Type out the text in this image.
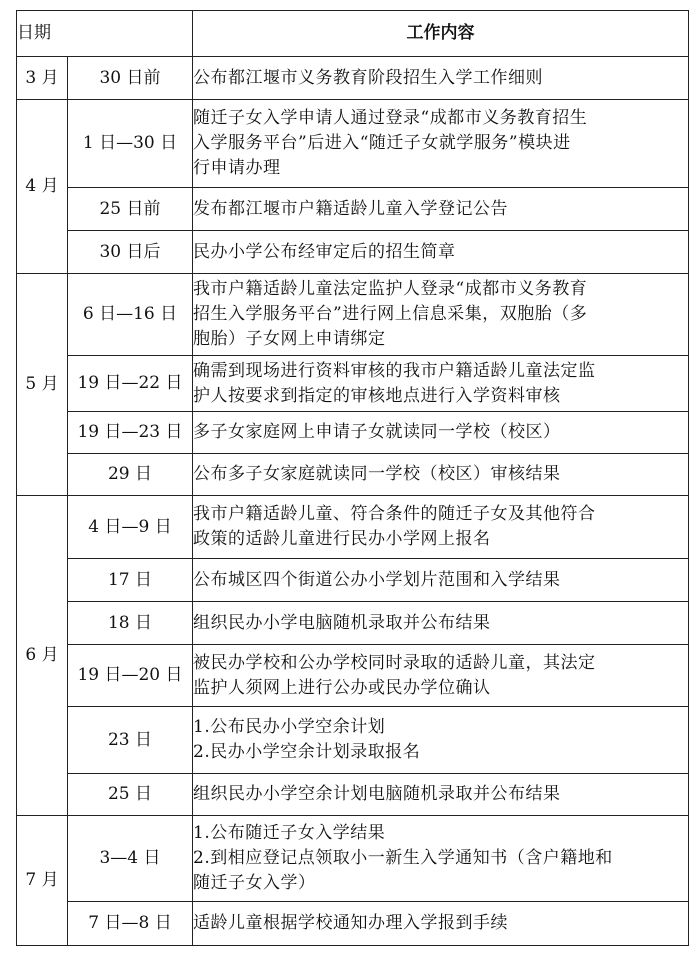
日期		工作内容
3 月	30 日前	公布都江堰市义务教育阶段招生入学工作细则

4 月	1 日—30 日	随迁子女入学申请人通过登录“成都市义务教育招生
入学服务平台”后进入“随迁子女就学服务”模块进
行申请办理

	25 日前	发布都江堰市户籍适龄儿童入学登记公告

	30 日后	民办小学公布经审定后的招生简章

5 月	6 日—16 日	我市户籍适龄儿童法定监护人登录“成都市义务教育
招生入学服务平台”进行网上信息采集，双胞胎（多
胞胎）子女网上申请绑定

	19 日—22 日	确需到现场进行资料审核的我市户籍适龄儿童法定监
护人按要求到指定的审核地点进行入学资料审核

	19 日—23 日	多子女家庭网上申请子女就读同一学校（校区）

	29 日	公布多子女家庭就读同一学校（校区）审核结果

6 月	4 日—9 日	我市户籍适龄儿童、符合条件的随迁子女及其他符合
政策的适龄儿童进行民办小学网上报名

	17 日	公布城区四个街道公办小学划片范围和入学结果

	18 日	组织民办小学电脑随机录取并公布结果

	19 日—20 日	被民办学校和公办学校同时录取的适龄儿童，其法定
监护人须网上进行公办或民办学位确认

	23 日	1.公布民办小学空余计划
2.民办小学空余计划录取报名

	25 日	组织民办小学空余计划电脑随机录取并公布结果

7 月	3—4 日	1.公布随迁子女入学结果
2.到相应登记点领取小一新生入学通知书（含户籍地和
随迁子女入学）

	7 日—8 日	适龄儿童根据学校通知办理入学报到手续
